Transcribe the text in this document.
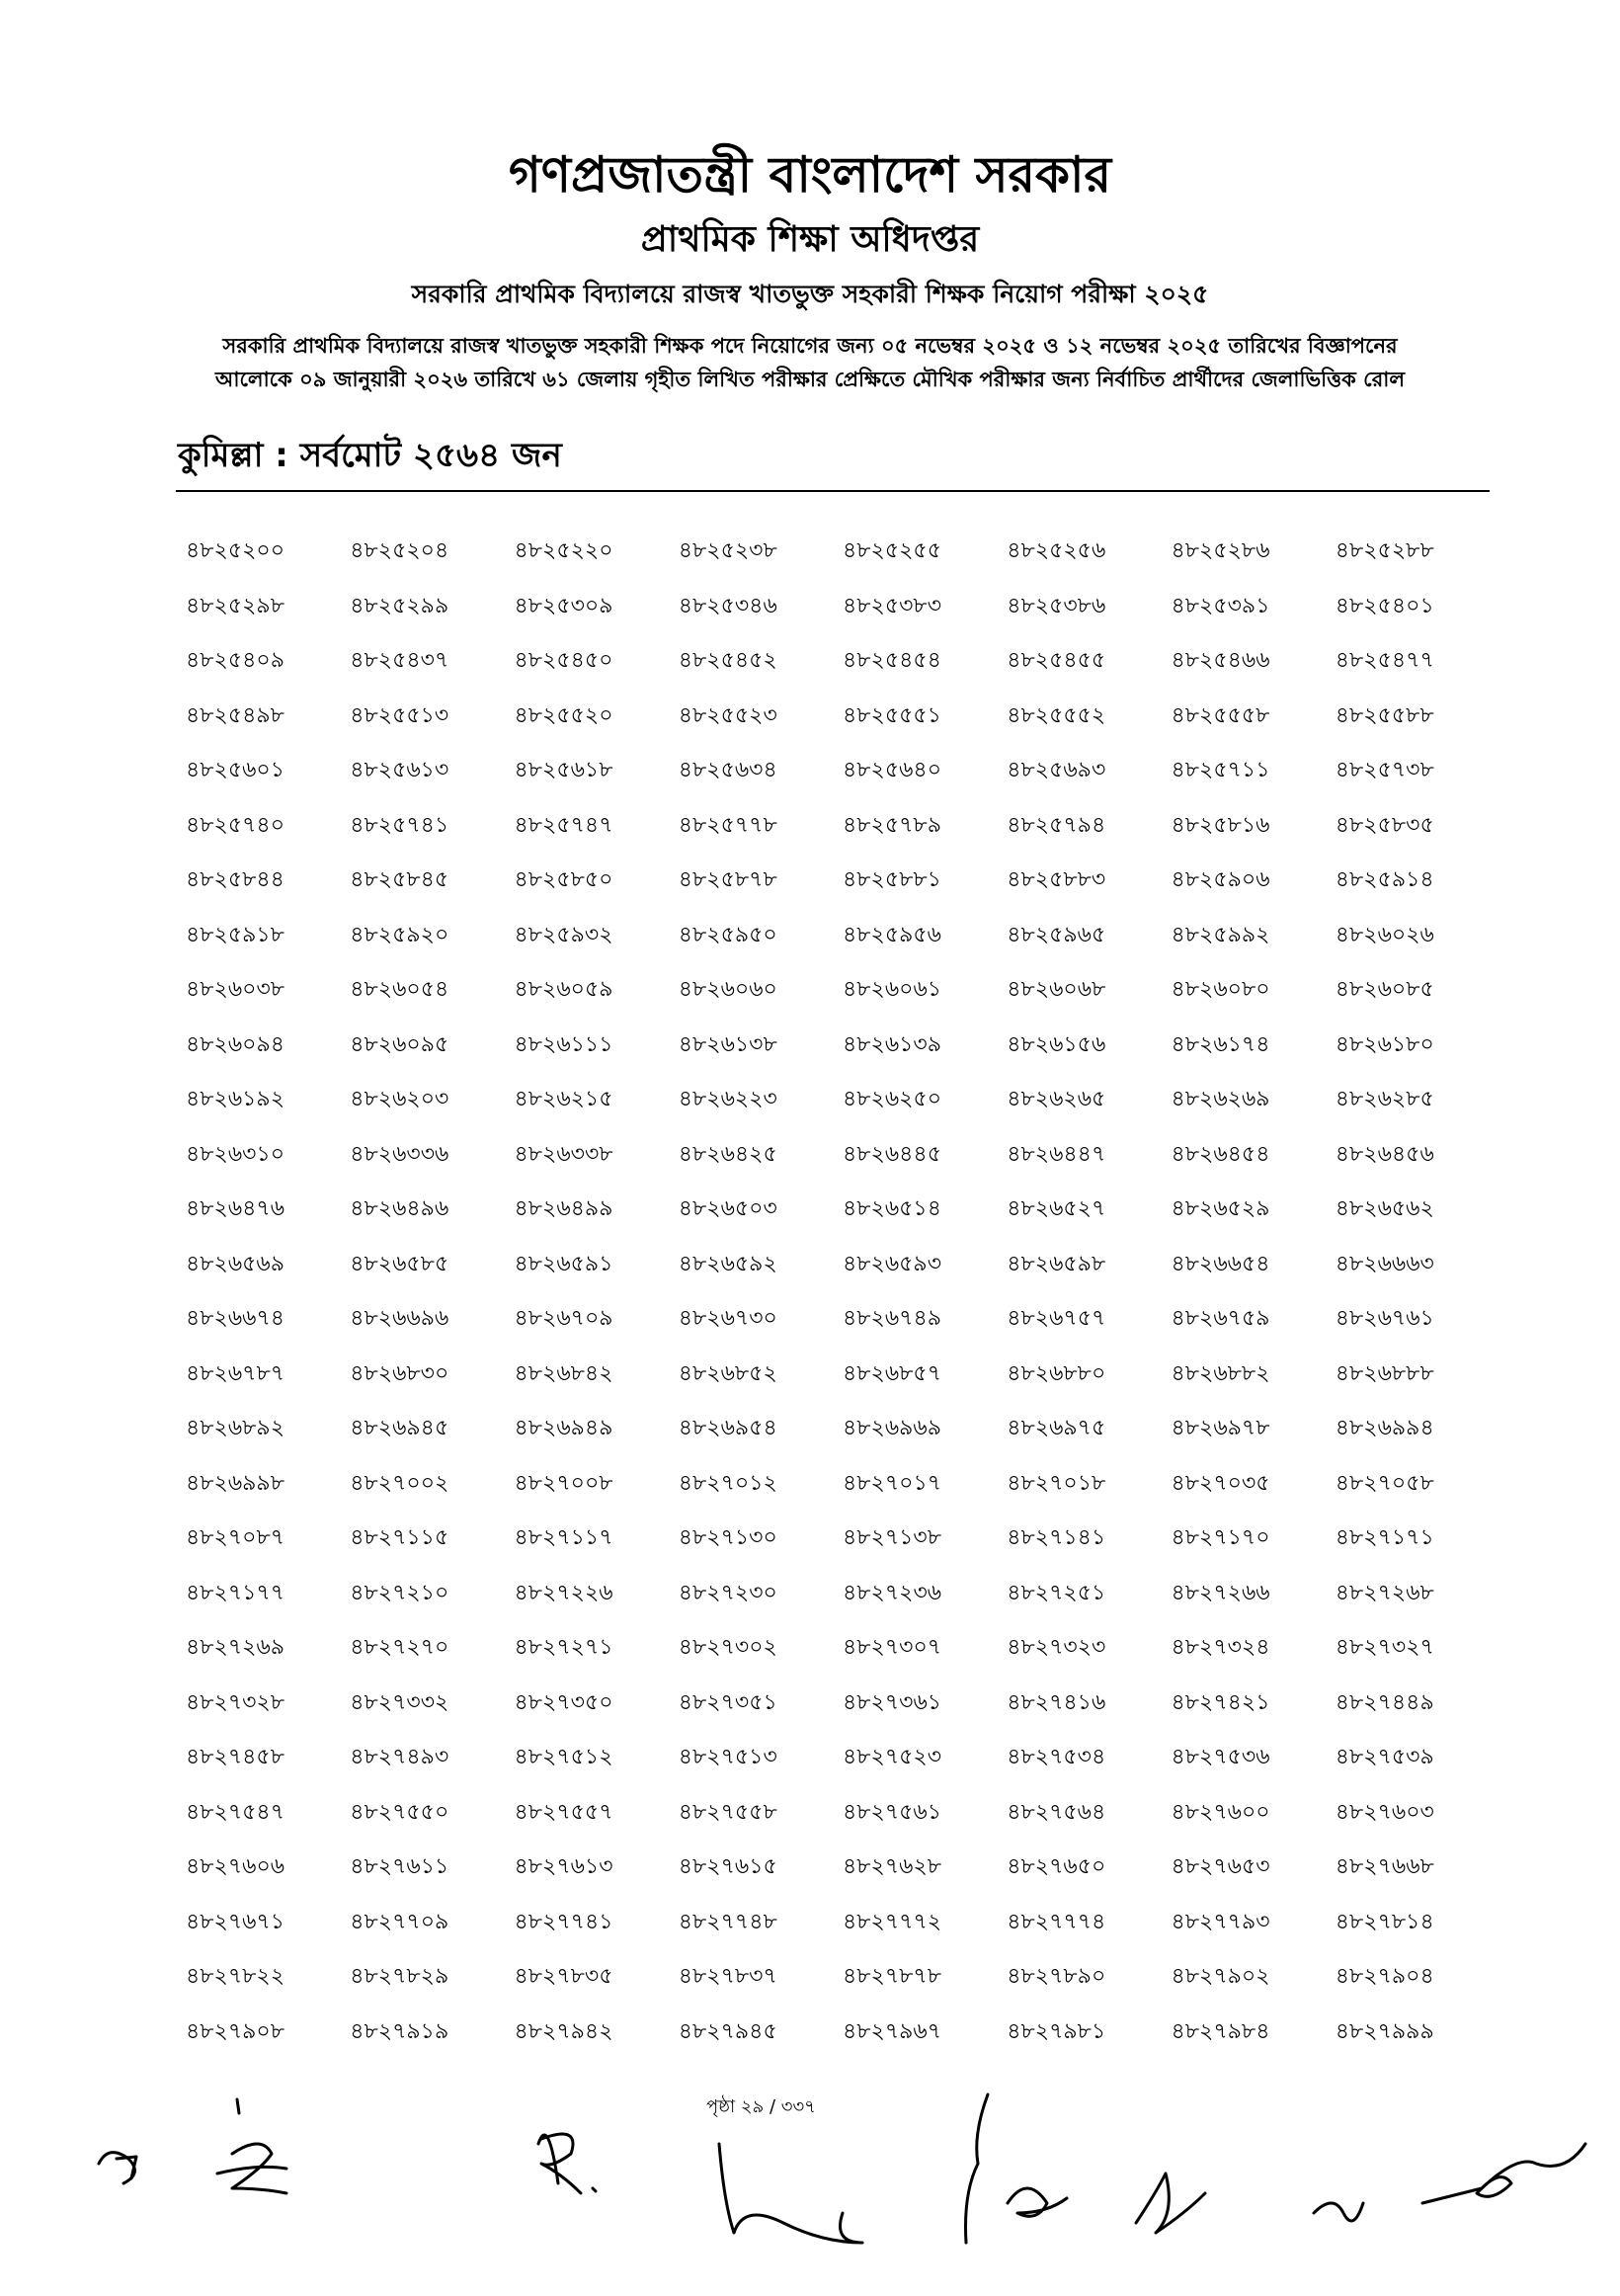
গণপ্রজাতন্ত্রী বাংলাদেশ সরকার
প্রাথমিক শিক্ষা অধিদপ্তর
সরকারি প্রাথমিক বিদ্যালয়ে রাজস্ব খাতভুক্ত সহকারী শিক্ষক নিয়োগ পরীক্ষা ২০২৫
সরকারি প্রাথমিক বিদ্যালয়ে রাজস্ব খাতভুক্ত সহকারী শিক্ষক পদে নিয়োগের জন্য ০৫ নভেম্বর ২০২৫ ও ১২ নভেম্বর ২০২৫ তারিখের বিজ্ঞাপনের
আলোকে ০৯ জানুয়ারী ২০২৬ তারিখে ৬১ জেলায় গৃহীত লিখিত পরীক্ষার প্রেক্ষিতে মৌখিক পরীক্ষার জন্য নির্বাচিত প্রার্থীদের জেলাভিত্তিক রোল
কুমিল্লা : সর্বমোট ২৫৬৪ জন
৪৮২৫২০০	৪৮২৫২০৪	৪৮২৫২২০	৪৮২৫২৩৮	৪৮২৫২৫৫	৪৮২৫২৫৬	৪৮২৫২৮৬	৪৮২৫২৮৮
৪৮২৫২৯৮	৪৮২৫২৯৯	৪৮২৫৩০৯	৪৮২৫৩৪৬	৪৮২৫৩৮৩	৪৮২৫৩৮৬	৪৮২৫৩৯১	৪৮২৫৪০১
৪৮২৫৪০৯	৪৮২৫৪৩৭	৪৮২৫৪৫০	৪৮২৫৪৫২	৪৮২৫৪৫৪	৪৮২৫৪৫৫	৪৮২৫৪৬৬	৪৮২৫৪৭৭
৪৮২৫৪৯৮	৪৮২৫৫১৩	৪৮২৫৫২০	৪৮২৫৫২৩	৪৮২৫৫৫১	৪৮২৫৫৫২	৪৮২৫৫৫৮	৪৮২৫৫৮৮
৪৮২৫৬০১	৪৮২৫৬১৩	৪৮২৫৬১৮	৪৮২৫৬৩৪	৪৮২৫৬৪০	৪৮২৫৬৯৩	৪৮২৫৭১১	৪৮২৫৭৩৮
৪৮২৫৭৪০	৪৮২৫৭৪১	৪৮২৫৭৪৭	৪৮২৫৭৭৮	৪৮২৫৭৮৯	৪৮২৫৭৯৪	৪৮২৫৮১৬	৪৮২৫৮৩৫
৪৮২৫৮৪৪	৪৮২৫৮৪৫	৪৮২৫৮৫০	৪৮২৫৮৭৮	৪৮২৫৮৮১	৪৮২৫৮৮৩	৪৮২৫৯০৬	৪৮২৫৯১৪
৪৮২৫৯১৮	৪৮২৫৯২০	৪৮২৫৯৩২	৪৮২৫৯৫০	৪৮২৫৯৫৬	৪৮২৫৯৬৫	৪৮২৫৯৯২	৪৮২৬০২৬
৪৮২৬০৩৮	৪৮২৬০৫৪	৪৮২৬০৫৯	৪৮২৬০৬০	৪৮২৬০৬১	৪৮২৬০৬৮	৪৮২৬০৮০	৪৮২৬০৮৫
৪৮২৬০৯৪	৪৮২৬০৯৫	৪৮২৬১১১	৪৮২৬১৩৮	৪৮২৬১৩৯	৪৮২৬১৫৬	৪৮২৬১৭৪	৪৮২৬১৮০
৪৮২৬১৯২	৪৮২৬২০৩	৪৮২৬২১৫	৪৮২৬২২৩	৪৮২৬২৫০	৪৮২৬২৬৫	৪৮২৬২৬৯	৪৮২৬২৮৫
৪৮২৬৩১০	৪৮২৬৩৩৬	৪৮২৬৩৩৮	৪৮২৬৪২৫	৪৮২৬৪৪৫	৪৮২৬৪৪৭	৪৮২৬৪৫৪	৪৮২৬৪৫৬
৪৮২৬৪৭৬	৪৮২৬৪৯৬	৪৮২৬৪৯৯	৪৮২৬৫০৩	৪৮২৬৫১৪	৪৮২৬৫২৭	৪৮২৬৫২৯	৪৮২৬৫৬২
৪৮২৬৫৬৯	৪৮২৬৫৮৫	৪৮২৬৫৯১	৪৮২৬৫৯২	৪৮২৬৫৯৩	৪৮২৬৫৯৮	৪৮২৬৬৫৪	৪৮২৬৬৬৩
৪৮২৬৬৭৪	৪৮২৬৬৯৬	৪৮২৬৭০৯	৪৮২৬৭৩০	৪৮২৬৭৪৯	৪৮২৬৭৫৭	৪৮২৬৭৫৯	৪৮২৬৭৬১
৪৮২৬৭৮৭	৪৮২৬৮৩০	৪৮২৬৮৪২	৪৮২৬৮৫২	৪৮২৬৮৫৭	৪৮২৬৮৮০	৪৮২৬৮৮২	৪৮২৬৮৮৮
৪৮২৬৮৯২	৪৮২৬৯৪৫	৪৮২৬৯৪৯	৪৮২৬৯৫৪	৪৮২৬৯৬৯	৪৮২৬৯৭৫	৪৮২৬৯৭৮	৪৮২৬৯৯৪
৪৮২৬৯৯৮	৪৮২৭০০২	৪৮২৭০০৮	৪৮২৭০১২	৪৮২৭০১৭	৪৮২৭০১৮	৪৮২৭০৩৫	৪৮২৭০৫৮
৪৮২৭০৮৭	৪৮২৭১১৫	৪৮২৭১১৭	৪৮২৭১৩০	৪৮২৭১৩৮	৪৮২৭১৪১	৪৮২৭১৭০	৪৮২৭১৭১
৪৮২৭১৭৭	৪৮২৭২১০	৪৮২৭২২৬	৪৮২৭২৩০	৪৮২৭২৩৬	৪৮২৭২৫১	৪৮২৭২৬৬	৪৮২৭২৬৮
৪৮২৭২৬৯	৪৮২৭২৭০	৪৮২৭২৭১	৪৮২৭৩০২	৪৮২৭৩০৭	৪৮২৭৩২৩	৪৮২৭৩২৪	৪৮২৭৩২৭
৪৮২৭৩২৮	৪৮২৭৩৩২	৪৮২৭৩৫০	৪৮২৭৩৫১	৪৮২৭৩৬১	৪৮২৭৪১৬	৪৮২৭৪২১	৪৮২৭৪৪৯
৪৮২৭৪৫৮	৪৮২৭৪৯৩	৪৮২৭৫১২	৪৮২৭৫১৩	৪৮২৭৫২৩	৪৮২৭৫৩৪	৪৮২৭৫৩৬	৪৮২৭৫৩৯
৪৮২৭৫৪৭	৪৮২৭৫৫০	৪৮২৭৫৫৭	৪৮২৭৫৫৮	৪৮২৭৫৬১	৪৮২৭৫৬৪	৪৮২৭৬০০	৪৮২৭৬০৩
৪৮২৭৬০৬	৪৮২৭৬১১	৪৮২৭৬১৩	৪৮২৭৬১৫	৪৮২৭৬২৮	৪৮২৭৬৫০	৪৮২৭৬৫৩	৪৮২৭৬৬৮
৪৮২৭৬৭১	৪৮২৭৭০৯	৪৮২৭৭৪১	৪৮২৭৭৪৮	৪৮২৭৭৭২	৪৮২৭৭৭৪	৪৮২৭৭৯৩	৪৮২৭৮১৪
৪৮২৭৮২২	৪৮২৭৮২৯	৪৮২৭৮৩৫	৪৮২৭৮৩৭	৪৮২৭৮৭৮	৪৮২৭৮৯০	৪৮২৭৯০২	৪৮২৭৯০৪
৪৮২৭৯০৮	৪৮২৭৯১৯	৪৮২৭৯৪২	৪৮২৭৯৪৫	৪৮২৭৯৬৭	৪৮২৭৯৮১	৪৮২৭৯৮৪	৪৮২৭৯৯৯
পৃষ্ঠা ২৯ / ৩৩৭
